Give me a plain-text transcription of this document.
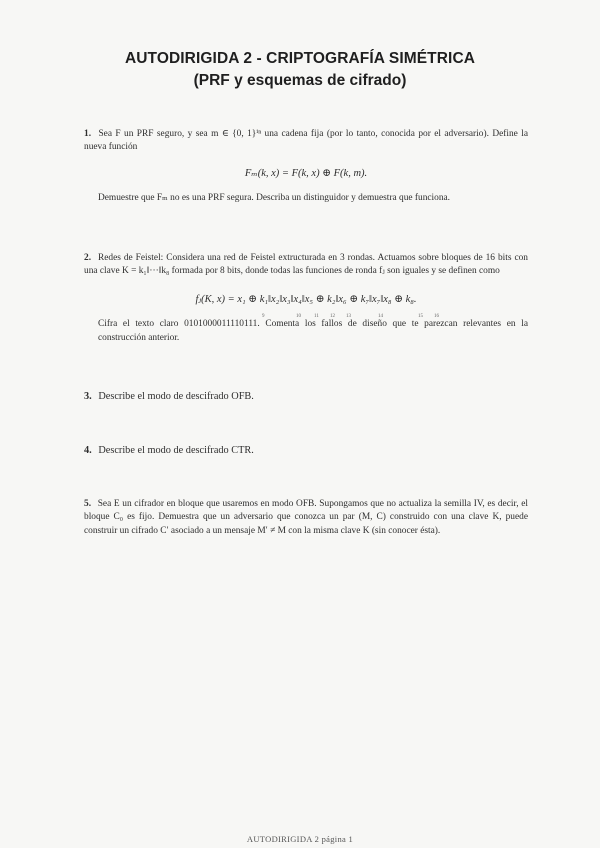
AUTODIRIGIDA 2 - CRIPTOGRAFÍA SIMÉTRICA
(PRF y esquemas de cifrado)
1. Sea F un PRF seguro, y sea m ∈ {0, 1}ⁱⁿ una cadena fija (por lo tanto, conocida por el adversario). Define la nueva función
Fₘ(k, x) = F(k, x) ⊕ F(k, m).
Demuestre que Fₘ no es una PRF segura. Describa un distinguidor y demuestra que funciona.
2. Redes de Feistel: Considera una red de Feistel extructurada en 3 rondas. Actuamos sobre bloques de 16 bits con una clave K = k₁‖···‖k₈ formada por 8 bits, donde todas las funciones de ronda fⱼ son iguales y se definen como
fⱼ(K, x) = x₁ ⊕ k₁‖x₂‖x₃‖x₄‖x₅ ⊕ k₂‖x₆ ⊕ k₇‖x₇‖x₈ ⊕ k₈.
9	10	11 12 13	14	15 16
Cifra el texto claro 0101000011110111. Comenta los fallos de diseño que te parezcan relevantes en la construcción anterior.
3. Describe el modo de descifrado OFB.
4. Describe el modo de descifrado CTR.
5. Sea E un cifrador en bloque que usaremos en modo OFB. Supongamos que no actualiza la semilla IV, es decir, el bloque C₀ es fijo. Demuestra que un adversario que conozca un par (M, C) construido con una clave K, puede construir un cifrado C′ asociado a un mensaje M′ ≠ M con la misma clave K (sin conocer ésta).
AUTODIRIGIDA 2 página 1
